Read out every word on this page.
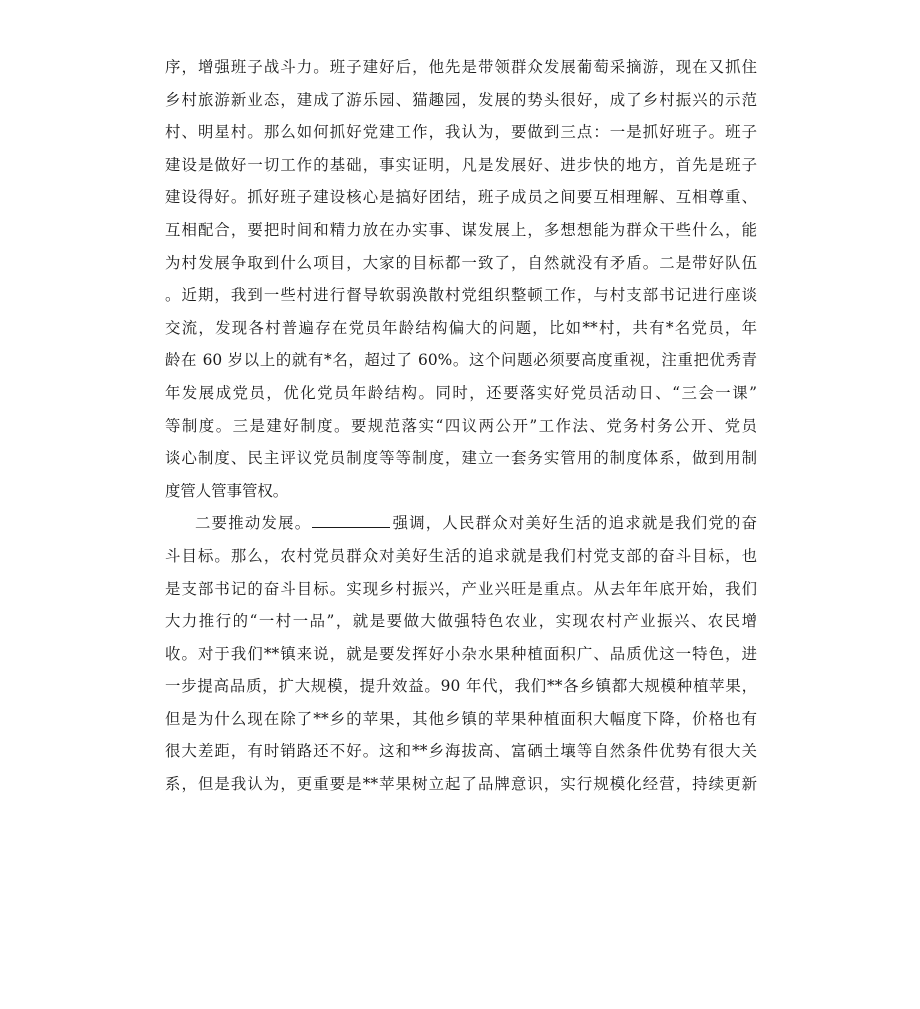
序，增强班子战斗力。班子建好后，他先是带领群众发展葡萄采摘游，现在又抓住
乡村旅游新业态，建成了游乐园、猫趣园，发展的势头很好，成了乡村振兴的示范
村、明星村。那么如何抓好党建工作，我认为，要做到三点：一是抓好班子。班子
建设是做好一切工作的基础，事实证明，凡是发展好、进步快的地方，首先是班子
建设得好。抓好班子建设核心是搞好团结，班子成员之间要互相理解、互相尊重、
互相配合，要把时间和精力放在办实事、谋发展上，多想想能为群众干些什么，能
为村发展争取到什么项目，大家的目标都一致了，自然就没有矛盾。二是带好队伍
。近期，我到一些村进行督导软弱涣散村党组织整顿工作，与村支部书记进行座谈
交流，发现各村普遍存在党员年龄结构偏大的问题，比如**村，共有*名党员，年
龄在 60 岁以上的就有*名，超过了 60%。这个问题必须要高度重视，注重把优秀青
年发展成党员，优化党员年龄结构。同时，还要落实好党员活动日、“三会一课”
等制度。三是建好制度。要规范落实“四议两公开”工作法、党务村务公开、党员
谈心制度、民主评议党员制度等等制度，建立一套务实管用的制度体系，做到用制
度管人管事管权。
二要推动发展。	强调，人民群众对美好生活的追求就是我们党的奋
斗目标。那么，农村党员群众对美好生活的追求就是我们村党支部的奋斗目标，也
是支部书记的奋斗目标。实现乡村振兴，产业兴旺是重点。从去年年底开始，我们
大力推行的“一村一品”，就是要做大做强特色农业，实现农村产业振兴、农民增
收。对于我们**镇来说，就是要发挥好小杂水果种植面积广、品质优这一特色，进
一步提高品质，扩大规模，提升效益。90 年代，我们**各乡镇都大规模种植苹果，
但是为什么现在除了**乡的苹果，其他乡镇的苹果种植面积大幅度下降，价格也有
很大差距，有时销路还不好。这和**乡海拔高、富硒土壤等自然条件优势有很大关
系，但是我认为，更重要是**苹果树立起了品牌意识，实行规模化经营，持续更新
